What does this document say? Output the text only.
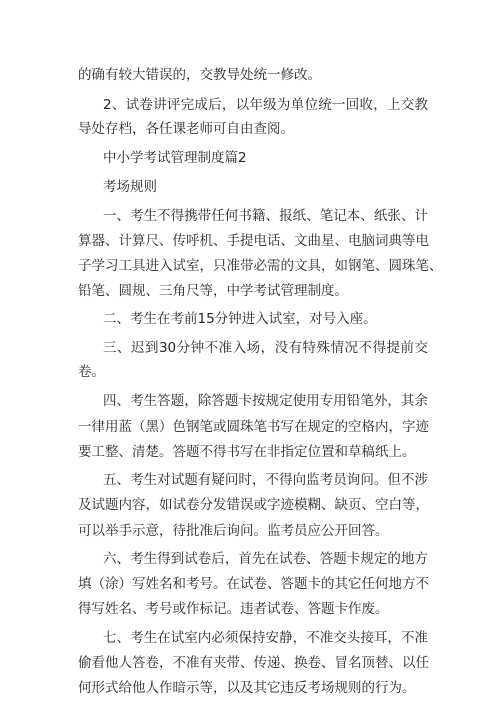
的确有较大错误的，交教导处统一修改。
2、试卷讲评完成后，以年级为单位统一回收，上交教
导处存档，各任课老师可自由查阅。
中小学考试管理制度篇2
考场规则
一、考生不得携带任何书籍、报纸、笔记本、纸张、计
算器、计算尺、传呼机、手提电话、文曲星、电脑词典等电
子学习工具进入试室，只准带必需的文具，如钢笔、圆珠笔、
铅笔、圆规、三角尺等，中学考试管理制度。
二、考生在考前15分钟进入试室，对号入座。
三、迟到30分钟不准入场，没有特殊情况不得提前交
卷。
四、考生答题，除答题卡按规定使用专用铅笔外，其余
一律用蓝（黑）色钢笔或圆珠笔书写在规定的空格内，字迹
要工整、清楚。答题不得书写在非指定位置和草稿纸上。
五、考生对试题有疑问时，不得向监考员询问。但不涉
及试题内容，如试卷分发错误或字迹模糊、缺页、空白等，
可以举手示意，待批准后询问。监考员应公开回答。
六、考生得到试卷后，首先在试卷、答题卡规定的地方
填（涂）写姓名和考号。在试卷、答题卡的其它任何地方不
得写姓名、考号或作标记。违者试卷、答题卡作废。
七、考生在试室内必须保持安静，不准交头接耳，不准
偷看他人答卷，不准有夹带、传递、换卷、冒名顶替、以任
何形式给他人作暗示等，以及其它违反考场规则的行为。
